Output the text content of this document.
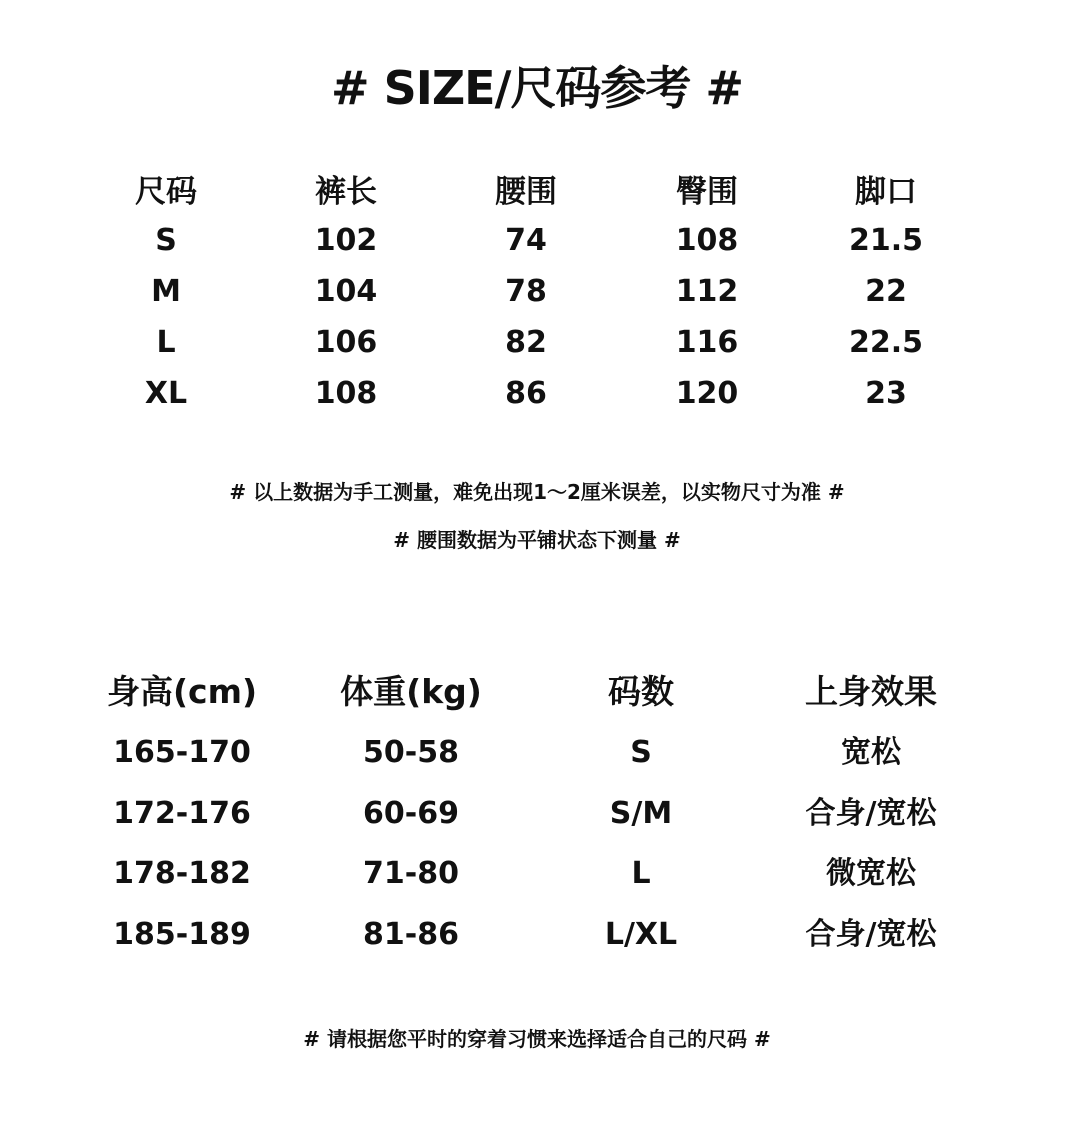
# SIZE/尺码参考 #
尺码	裤长	腰围	臀围	脚口
S	102	74	108	21.5
M	104	78	112	22
L	106	82	116	22.5
XL	108	86	120	23
# 以上数据为手工测量，难免出现1～2厘米误差，以实物尺寸为准 #
# 腰围数据为平铺状态下测量 #
身高(cm)	体重(kg)	码数	上身效果
165-170	50-58	S	宽松
172-176	60-69	S/M	合身/宽松
178-182	71-80	L	微宽松
185-189	81-86	L/XL	合身/宽松
# 请根据您平时的穿着习惯来选择适合自己的尺码 #
